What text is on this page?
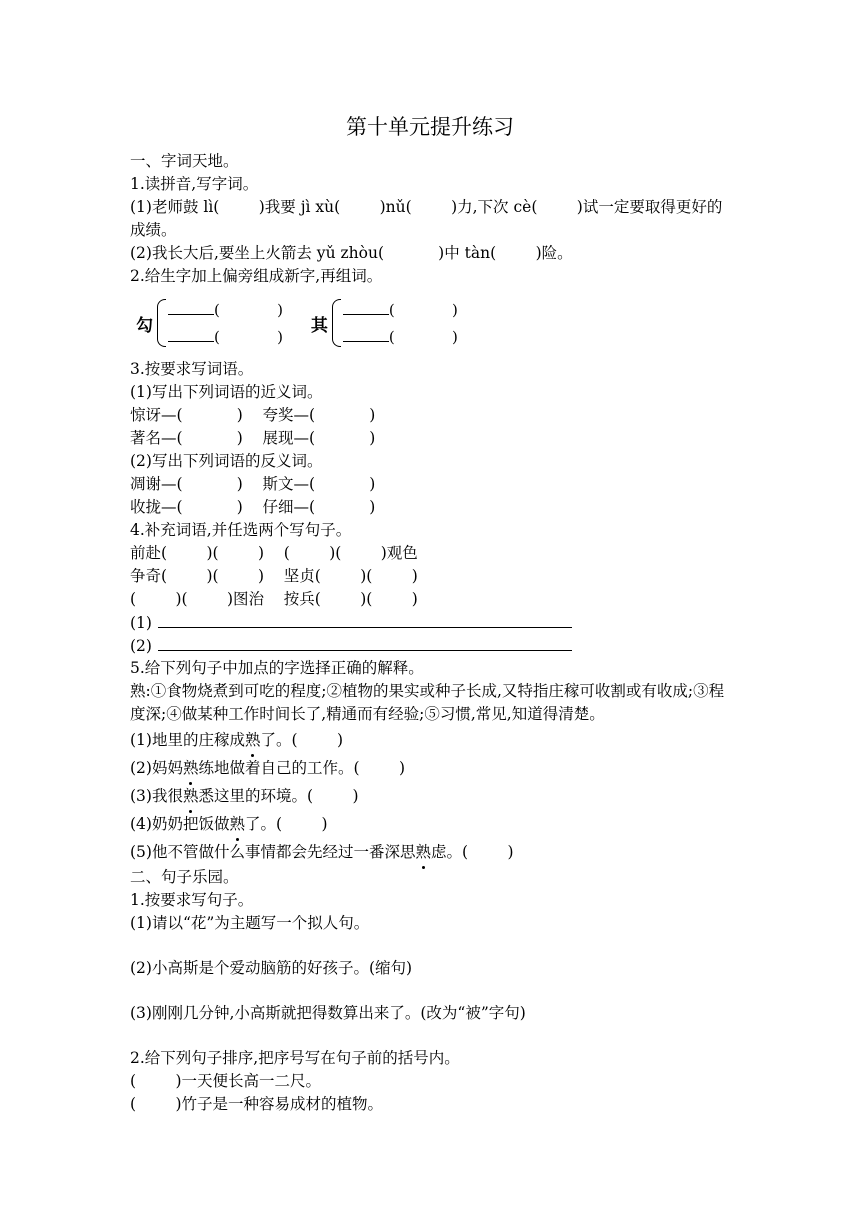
第十单元提升练习
一、字词天地。
1.读拼音,写字词。
(1)老师鼓 lì(        )我要 jì xù(        )nǔ(        )力,下次 cè(        )试一定要取得更好的
成绩。
(2)我长大后,要坐上火箭去 yǔ zhòu(           )中 tàn(        )险。
2.给生字加上偏旁组成新字,再组词。
勾
(            )
(            )
其
(            )
(            )
3.按要求写词语。
(1)写出下列词语的近义词。
惊讶—(           )    夸奖—(           )
著名—(           )    展现—(           )
(2)写出下列词语的反义词。
凋谢—(           )    斯文—(           )
收拢—(           )    仔细—(           )
4.补充词语,并任选两个写句子。
前赴(        )(        )    (        )(        )观色
争奇(        )(        )    坚贞(        )(        )
(        )(        )图治    按兵(        )(        )
(1)
(2)
5.给下列句子中加点的字选择正确的解释。
熟:①食物烧煮到可吃的程度;②植物的果实或种子长成,又特指庄稼可收割或有收成;③程度深;④做某种工作时间长了,精通而有经验;⑤习惯,常见,知道得清楚。
(1)地里的庄稼成熟了。(        )
(2)妈妈熟练地做着自己的工作。(        )
(3)我很熟悉这里的环境。(        )
(4)奶奶把饭做熟了。(        )
(5)他不管做什么事情都会先经过一番深思熟虑。(        )
二、句子乐园。
1.按要求写句子。
(1)请以“花”为主题写一个拟人句。
(2)小高斯是个爱动脑筋的好孩子。(缩句)
(3)刚刚几分钟,小高斯就把得数算出来了。(改为“被”字句)
2.给下列句子排序,把序号写在句子前的括号内。
(        )一天便长高一二尺。
(        )竹子是一种容易成材的植物。
